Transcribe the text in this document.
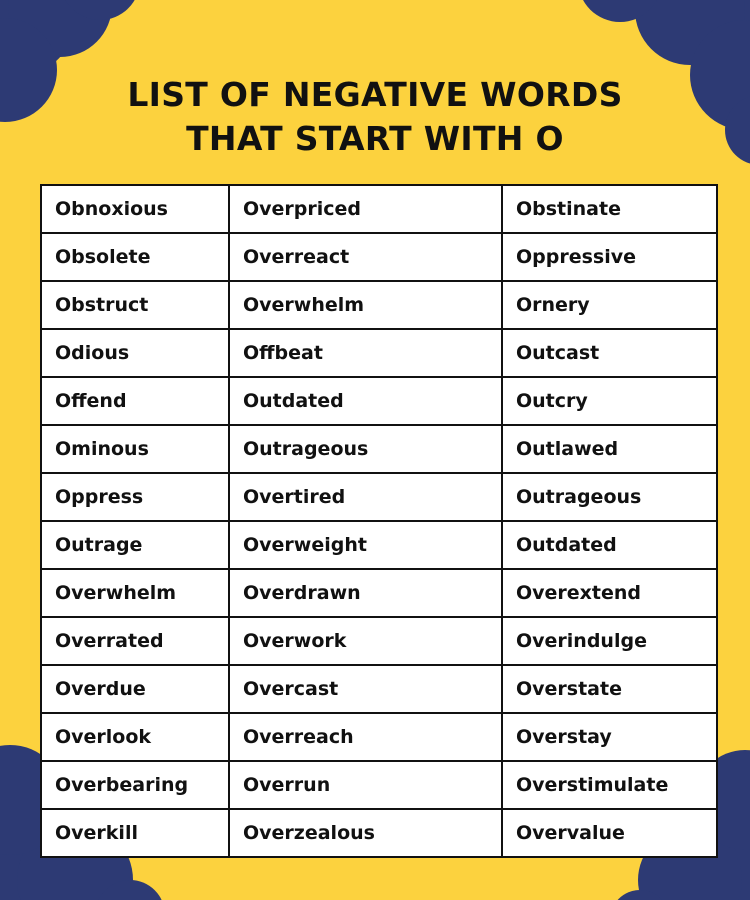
LIST OF NEGATIVE WORDS
THAT START WITH O
Obnoxious	Overpriced	Obstinate
Obsolete	Overreact	Oppressive
Obstruct	Overwhelm	Ornery
Odious	Offbeat	Outcast
Offend	Outdated	Outcry
Ominous	Outrageous	Outlawed
Oppress	Overtired	Outrageous
Outrage	Overweight	Outdated
Overwhelm	Overdrawn	Overextend
Overrated	Overwork	Overindulge
Overdue	Overcast	Overstate
Overlook	Overreach	Overstay
Overbearing	Overrun	Overstimulate
Overkill	Overzealous	Overvalue
